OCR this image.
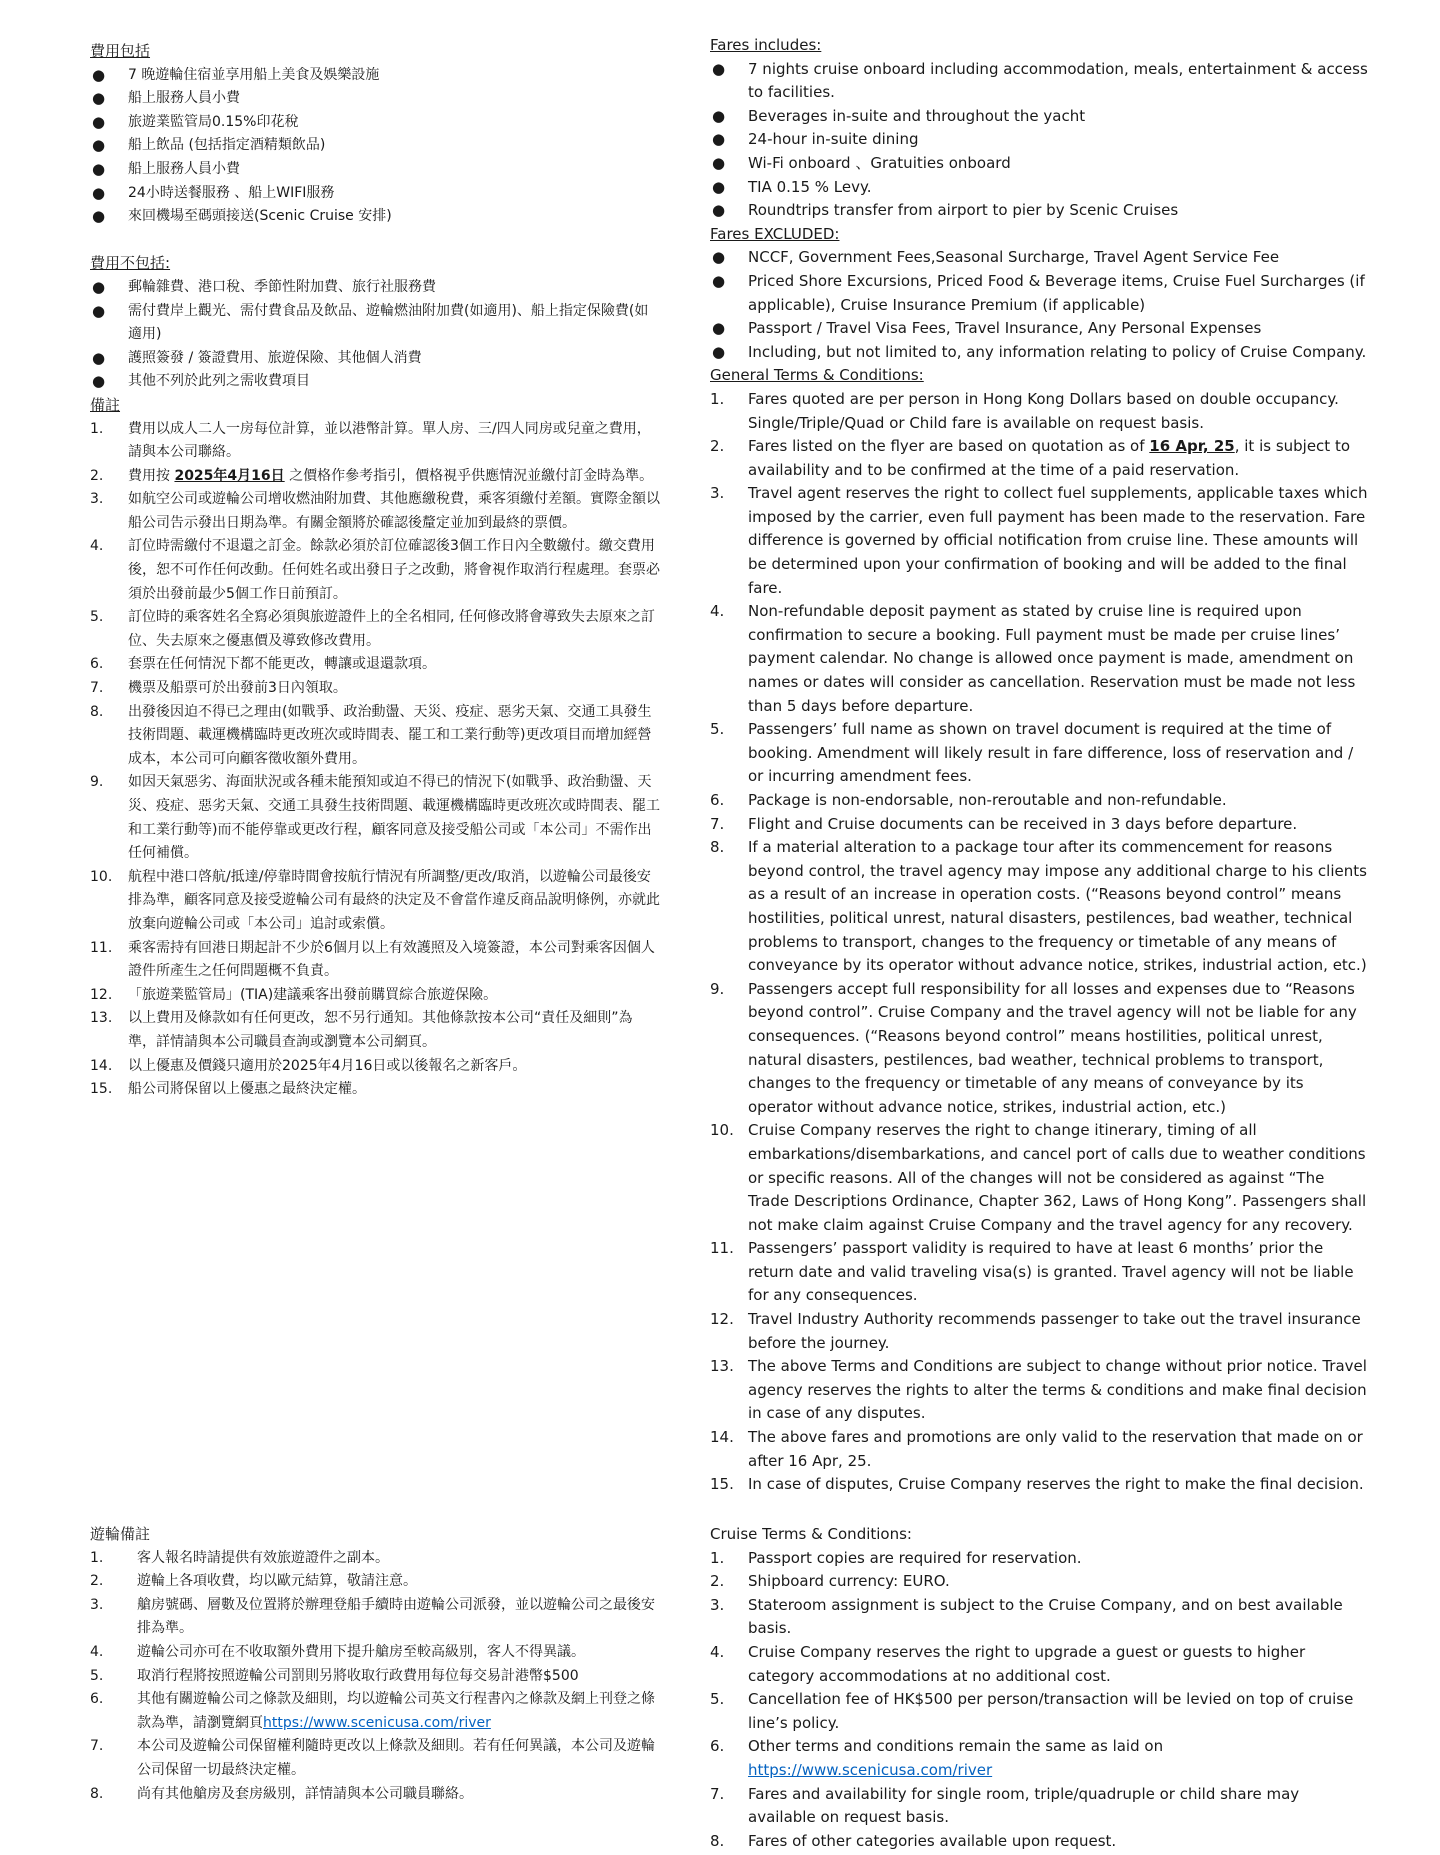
費用包括
● 7 晚遊輪住宿並享用船上美食及娛樂設施
● 船上服務人員小費
● 旅遊業監管局0.15%印花稅
● 船上飲品 (包括指定酒精類飲品)
● 船上服務人員小費
● 24小時送餐服務 、船上WIFI服務
● 來回機場至碼頭接送(Scenic Cruise 安排)
費用不包括:
● 郵輪雜費、港口稅、季節性附加費、旅行社服務費
● 需付費岸上觀光、需付費食品及飲品、遊輪燃油附加費(如適用)、船上指定保險費(如適用)
● 護照簽發 / 簽證費用、旅遊保險、其他個人消費
● 其他不列於此列之需收費項目
備註
1. 費用以成人二人一房每位計算，並以港幣計算。單人房、三/四人同房或兒童之費用，請與本公司聯絡。
2. 費用按 2025年4月16日 之價格作參考指引，價格視乎供應情況並繳付訂金時為準。
3. 如航空公司或遊輪公司增收燃油附加費、其他應繳稅費，乘客須繳付差額。實際金額以船公司告示發出日期為準。有關金額將於確認後釐定並加到最終的票價。
4. 訂位時需繳付不退還之訂金。餘款必須於訂位確認後3個工作日內全數繳付。繳交費用後，恕不可作任何改動。任何姓名或出發日子之改動，將會視作取消行程處理。套票必須於出發前最少5個工作日前預訂。
5. 訂位時的乘客姓名全寫必須與旅遊證件上的全名相同, 任何修改將會導致失去原來之訂位、失去原來之優惠價及導致修改費用。
6. 套票在任何情況下都不能更改，轉讓或退還款項。
7. 機票及船票可於出發前3日內領取。
8. 出發後因迫不得已之理由(如戰爭、政治動盪、天災、疫症、惡劣天氣、交通工具發生技術問題、載運機構臨時更改班次或時間表、罷工和工業行動等)更改項目而增加經營成本，本公司可向顧客徵收額外費用。
9. 如因天氣惡劣、海面狀況或各種未能預知或迫不得已的情況下(如戰爭、政治動盪、天災、疫症、惡劣天氣、交通工具發生技術問題、載運機構臨時更改班次或時間表、罷工和工業行動等)而不能停靠或更改行程，顧客同意及接受船公司或「本公司」不需作出任何補償。
10. 航程中港口啓航/抵達/停靠時間會按航行情況有所調整/更改/取消，以遊輪公司最後安排為準，顧客同意及接受遊輪公司有最終的決定及不會當作違反商品說明條例，亦就此放棄向遊輪公司或「本公司」追討或索償。
11. 乘客需持有回港日期起計不少於6個月以上有效護照及入境簽證，本公司對乘客因個人證件所產生之任何問題概不負責。
12. 「旅遊業監管局」(TIA)建議乘客出發前購買綜合旅遊保險。
13. 以上費用及條款如有任何更改，恕不另行通知。其他條款按本公司“責任及細則”為準，詳情請與本公司職員查詢或瀏覽本公司網頁。
14. 以上優惠及價錢只適用於2025年4月16日或以後報名之新客戶。
15. 船公司將保留以上優惠之最終決定權。
Fares includes:
● 7 nights cruise onboard including accommodation, meals, entertainment & access to facilities.
● Beverages in-suite and throughout the yacht
● 24-hour in-suite dining
● Wi-Fi onboard 、Gratuities onboard
● TIA 0.15 % Levy.
● Roundtrips transfer from airport to pier by Scenic Cruises
Fares EXCLUDED:
● NCCF, Government Fees,Seasonal Surcharge, Travel Agent Service Fee
● Priced Shore Excursions, Priced Food & Beverage items, Cruise Fuel Surcharges (if applicable), Cruise Insurance Premium (if applicable)
● Passport / Travel Visa Fees, Travel Insurance, Any Personal Expenses
● Including, but not limited to, any information relating to policy of Cruise Company.
General Terms & Conditions:
1. Fares quoted are per person in Hong Kong Dollars based on double occupancy. Single/Triple/Quad or Child fare is available on request basis.
2. Fares listed on the flyer are based on quotation as of 16 Apr, 25, it is subject to availability and to be confirmed at the time of a paid reservation.
3. Travel agent reserves the right to collect fuel supplements, applicable taxes which imposed by the carrier, even full payment has been made to the reservation. Fare difference is governed by official notification from cruise line. These amounts will be determined upon your confirmation of booking and will be added to the final fare.
4. Non-refundable deposit payment as stated by cruise line is required upon confirmation to secure a booking. Full payment must be made per cruise lines’ payment calendar. No change is allowed once payment is made, amendment on names or dates will consider as cancellation. Reservation must be made not less than 5 days before departure.
5. Passengers’ full name as shown on travel document is required at the time of booking. Amendment will likely result in fare difference, loss of reservation and / or incurring amendment fees.
6. Package is non-endorsable, non-reroutable and non-refundable.
7. Flight and Cruise documents can be received in 3 days before departure.
8. If a material alteration to a package tour after its commencement for reasons beyond control, the travel agency may impose any additional charge to his clients as a result of an increase in operation costs. (“Reasons beyond control” means hostilities, political unrest, natural disasters, pestilences, bad weather, technical problems to transport, changes to the frequency or timetable of any means of conveyance by its operator without advance notice, strikes, industrial action, etc.)
9. Passengers accept full responsibility for all losses and expenses due to “Reasons beyond control”. Cruise Company and the travel agency will not be liable for any consequences. (“Reasons beyond control” means hostilities, political unrest, natural disasters, pestilences, bad weather, technical problems to transport, changes to the frequency or timetable of any means of conveyance by its operator without advance notice, strikes, industrial action, etc.)
10. Cruise Company reserves the right to change itinerary, timing of all embarkations/disembarkations, and cancel port of calls due to weather conditions or specific reasons. All of the changes will not be considered as against “The Trade Descriptions Ordinance, Chapter 362, Laws of Hong Kong”. Passengers shall not make claim against Cruise Company and the travel agency for any recovery.
11. Passengers’ passport validity is required to have at least 6 months’ prior the return date and valid traveling visa(s) is granted. Travel agency will not be liable for any consequences.
12. Travel Industry Authority recommends passenger to take out the travel insurance before the journey.
13. The above Terms and Conditions are subject to change without prior notice. Travel agency reserves the rights to alter the terms & conditions and make final decision in case of any disputes.
14. The above fares and promotions are only valid to the reservation that made on or after 16 Apr, 25.
15. In case of disputes, Cruise Company reserves the right to make the final decision.
遊輪備註
1. 客人報名時請提供有效旅遊證件之副本。
2. 遊輪上各項收費，均以歐元結算，敬請注意。
3. 艙房號碼、層數及位置將於辦理登船手續時由遊輪公司派發，並以遊輪公司之最後安排為準。
4. 遊輪公司亦可在不收取額外費用下提升艙房至較高級別，客人不得異議。
5. 取消行程將按照遊輪公司罰則另將收取行政費用每位每交易計港幣$500
6. 其他有關遊輪公司之條款及細則，均以遊輪公司英文行程書內之條款及網上刊登之條款為準，請瀏覽網頁https://www.scenicusa.com/river
7. 本公司及遊輪公司保留權利隨時更改以上條款及細則。若有任何異議，本公司及遊輪公司保留一切最終決定權。
8. 尚有其他艙房及套房級別，詳情請與本公司職員聯絡。
Cruise Terms & Conditions:
1. Passport copies are required for reservation.
2. Shipboard currency: EURO.
3. Stateroom assignment is subject to the Cruise Company, and on best available basis.
4. Cruise Company reserves the right to upgrade a guest or guests to higher category accommodations at no additional cost.
5. Cancellation fee of HK$500 per person/transaction will be levied on top of cruise line’s policy.
6. Other terms and conditions remain the same as laid on https://www.scenicusa.com/river
7. Fares and availability for single room, triple/quadruple or child share may available on request basis.
8. Fares of other categories available upon request.
